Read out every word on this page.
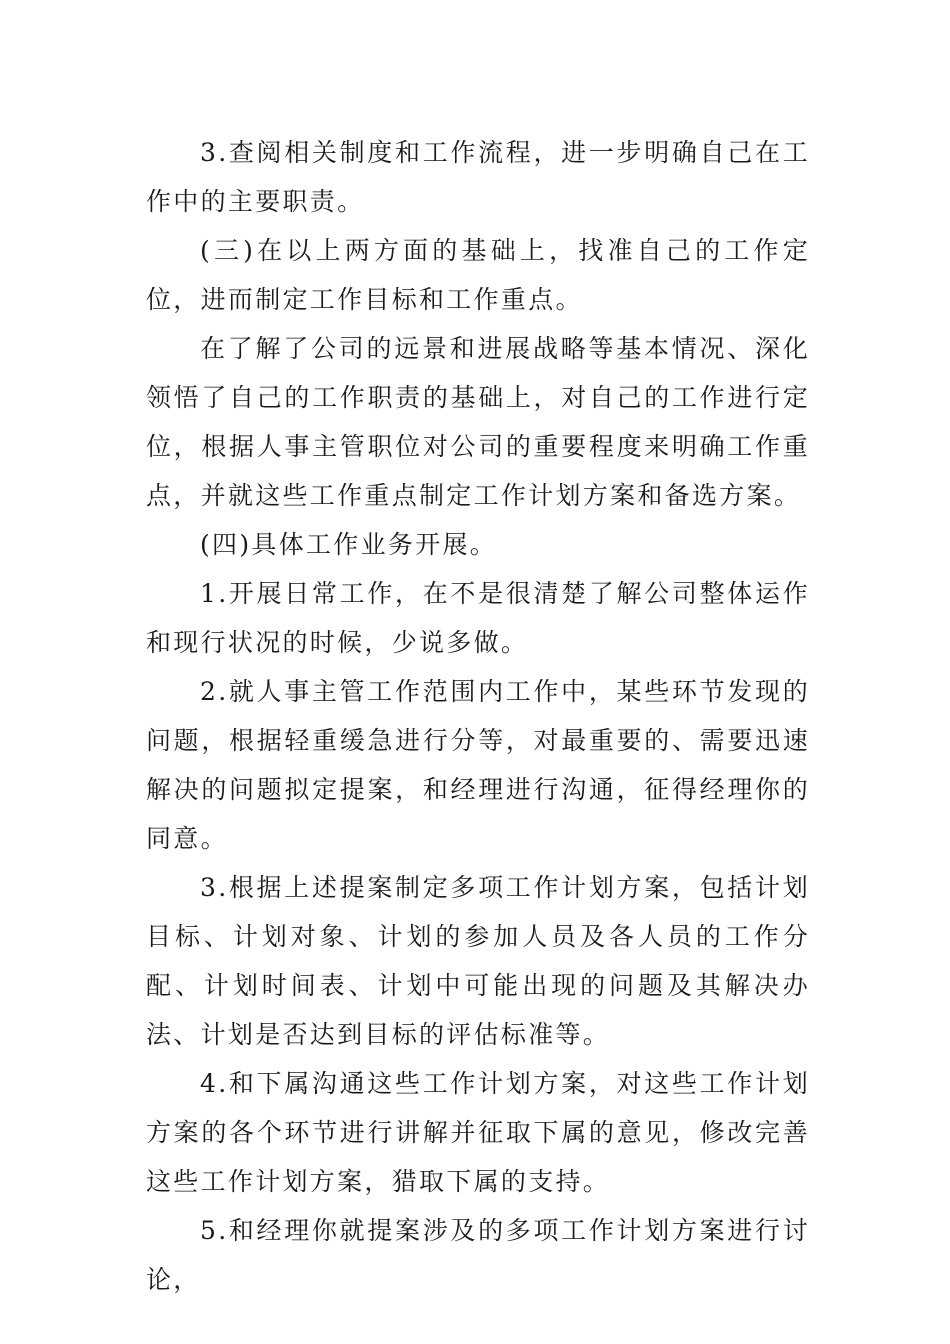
3.查阅相关制度和工作流程，进一步明确自己在工作中的主要职责。

(三)在以上两方面的基础上，找准自己的工作定位，进而制定工作目标和工作重点。

在了解了公司的远景和进展战略等基本情况、深化领悟了自己的工作职责的基础上，对自己的工作进行定位，根据人事主管职位对公司的重要程度来明确工作重点，并就这些工作重点制定工作计划方案和备选方案。

(四)具体工作业务开展。

1.开展日常工作，在不是很清楚了解公司整体运作和现行状况的时候，少说多做。

2.就人事主管工作范围内工作中，某些环节发现的问题，根据轻重缓急进行分等，对最重要的、需要迅速解决的问题拟定提案，和经理进行沟通，征得经理你的同意。

3.根据上述提案制定多项工作计划方案，包括计划目标、计划对象、计划的参加人员及各人员的工作分配、计划时间表、计划中可能出现的问题及其解决办法、计划是否达到目标的评估标准等。

4.和下属沟通这些工作计划方案，对这些工作计划方案的各个环节进行讲解并征取下属的意见，修改完善这些工作计划方案，猎取下属的支持。

5.和经理你就提案涉及的多项工作计划方案进行讨论，
